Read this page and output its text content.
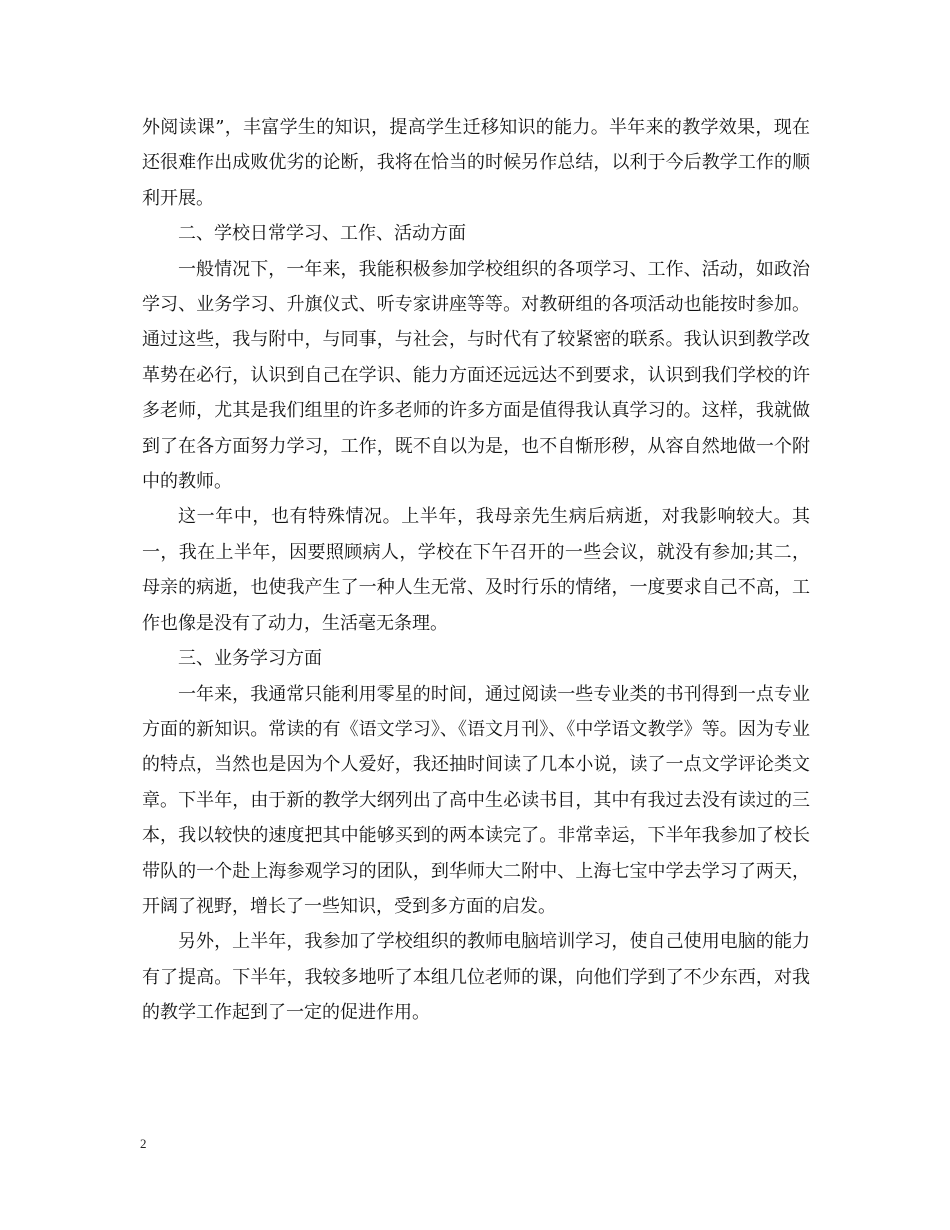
外阅读课”，丰富学生的知识，提高学生迁移知识的能力。半年来的教学效果，现在还很难作出成败优劣的论断，我将在恰当的时候另作总结，以利于今后教学工作的顺利开展。

二、学校日常学习、工作、活动方面

一般情况下，一年来，我能积极参加学校组织的各项学习、工作、活动，如政治学习、业务学习、升旗仪式、听专家讲座等等。对教研组的各项活动也能按时参加。通过这些，我与附中，与同事，与社会，与时代有了较紧密的联系。我认识到教学改革势在必行，认识到自己在学识、能力方面还远远达不到要求，认识到我们学校的许多老师，尤其是我们组里的许多老师的许多方面是值得我认真学习的。这样，我就做到了在各方面努力学习，工作，既不自以为是，也不自惭形秽，从容自然地做一个附中的教师。

这一年中，也有特殊情况。上半年，我母亲先生病后病逝，对我影响较大。其一，我在上半年，因要照顾病人，学校在下午召开的一些会议，就没有参加;其二，母亲的病逝，也使我产生了一种人生无常、及时行乐的情绪，一度要求自己不高，工作也像是没有了动力，生活毫无条理。

三、业务学习方面

一年来，我通常只能利用零星的时间，通过阅读一些专业类的书刊得到一点专业方面的新知识。常读的有《语文学习》、《语文月刊》、《中学语文教学》等。因为专业的特点，当然也是因为个人爱好，我还抽时间读了几本小说，读了一点文学评论类文章。下半年，由于新的教学大纲列出了高中生必读书目，其中有我过去没有读过的三本，我以较快的速度把其中能够买到的两本读完了。非常幸运，下半年我参加了校长带队的一个赴上海参观学习的团队，到华师大二附中、上海七宝中学去学习了两天，开阔了视野，增长了一些知识，受到多方面的启发。

另外，上半年，我参加了学校组织的教师电脑培训学习，使自己使用电脑的能力有了提高。下半年，我较多地听了本组几位老师的课，向他们学到了不少东西，对我的教学工作起到了一定的促进作用。

2
